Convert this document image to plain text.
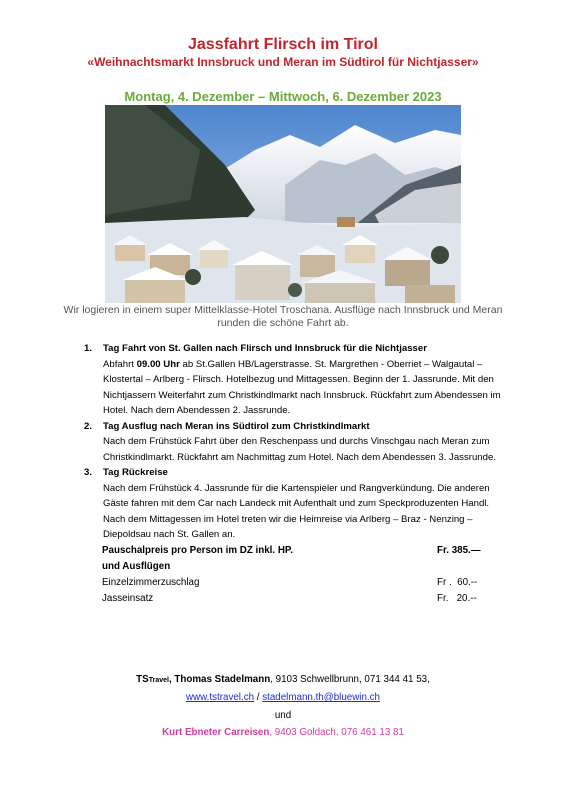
Jassfahrt Flirsch im Tirol
«Weihnachtsmarkt Innsbruck und Meran im Südtirol für Nichtjasser»
Montag, 4. Dezember – Mittwoch, 6. Dezember 2023
Wir logieren in einem super Mittelklasse-Hotel Troschana. Ausflüge nach Innsbruck und Meran runden die schöne Fahrt ab.
1. Tag Fahrt von St. Gallen nach Flirsch und Innsbruck für die Nichtjasser
Abfahrt 09.00 Uhr ab St.Gallen HB/Lagerstrasse. St. Margrethen - Oberriet – Walgautal – Klostertal – Arlberg - Flirsch. Hotelbezug und Mittagessen. Beginn der 1. Jassrunde. Mit den Nichtjassern Weiterfahrt zum Christkindlmarkt nach Innsbruck. Rückfahrt zum Abendessen im Hotel. Nach dem Abendessen 2. Jassrunde.
2. Tag Ausflug nach Meran ins Südtirol zum Christkindlmarkt
Nach dem Frühstück Fahrt über den Reschenpass und durchs Vinschgau nach Meran zum Christkindlmarkt. Rückfahrt am Nachmittag zum Hotel. Nach dem Abendessen 3. Jassrunde.
3. Tag Rückreise
Nach dem Frühstück 4. Jassrunde für die Kartenspieler und Rangverkündung. Die anderen Gäste fahren mit dem Car nach Landeck mit Aufenthalt und zum Speckproduzenten Handl. Nach dem Mittagessen im Hotel treten wir die Heimreise via Arlberg – Braz - Nenzing – Diepoldsau nach St. Gallen an.
Pauschalpreis pro Person im DZ inkl. HP.	Fr. 385.—
und Ausflügen
Einzelzimmerzuschlag	Fr .  60.--
Jasseinsatz	Fr.   20.--
TSTravel, Thomas Stadelmann, 9103 Schwellbrunn, 071 344 41 53,
www.tstravel.ch / stadelmann.th@bluewin.ch
und
Kurt Ebneter Carreisen, 9403 Goldach, 076 461 13 81
